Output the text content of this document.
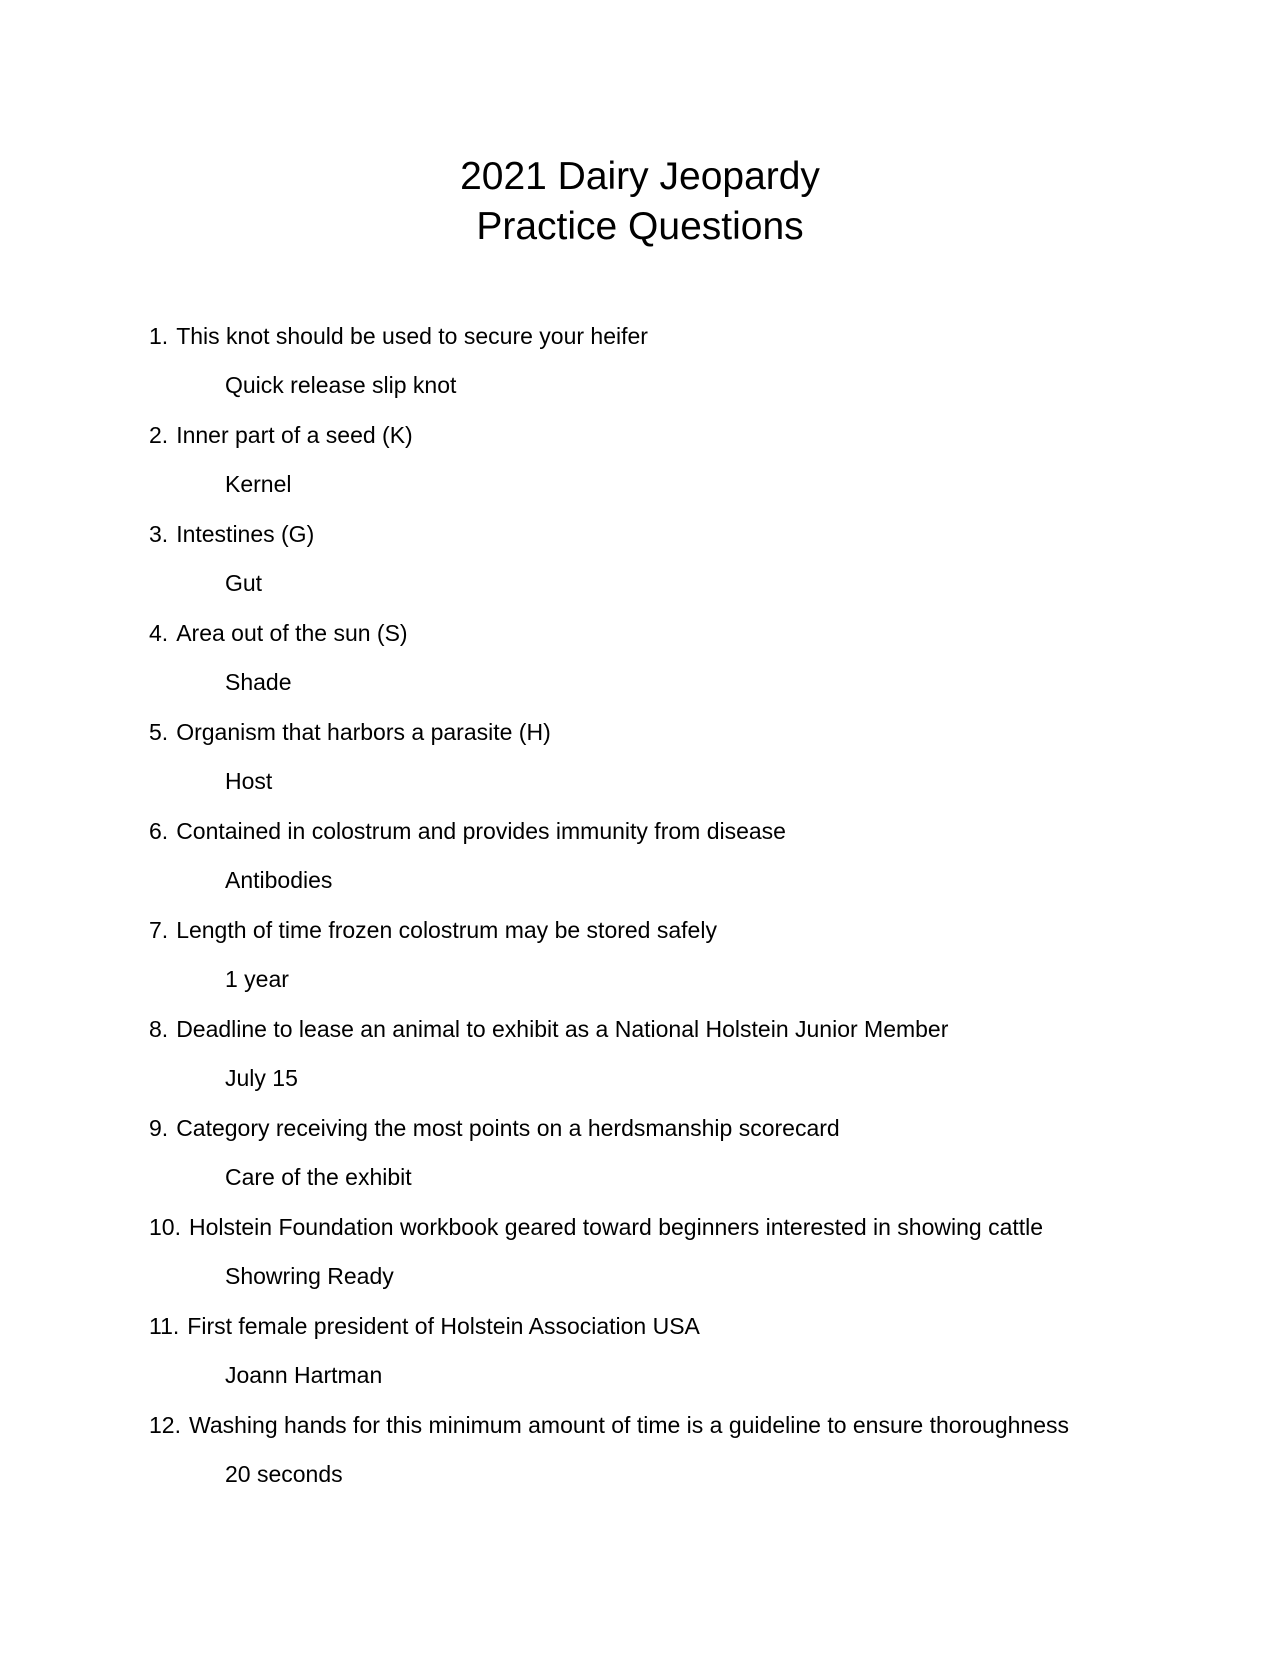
2021 Dairy Jeopardy
Practice Questions
1. This knot should be used to secure your heifer
Quick release slip knot
2. Inner part of a seed (K)
Kernel
3. Intestines (G)
Gut
4. Area out of the sun (S)
Shade
5. Organism that harbors a parasite (H)
Host
6. Contained in colostrum and provides immunity from disease
Antibodies
7. Length of time frozen colostrum may be stored safely
1 year
8. Deadline to lease an animal to exhibit as a National Holstein Junior Member
July 15
9. Category receiving the most points on a herdsmanship scorecard
Care of the exhibit
10. Holstein Foundation workbook geared toward beginners interested in showing cattle
Showring Ready
11. First female president of Holstein Association USA
Joann Hartman
12. Washing hands for this minimum amount of time is a guideline to ensure thoroughness
20 seconds
